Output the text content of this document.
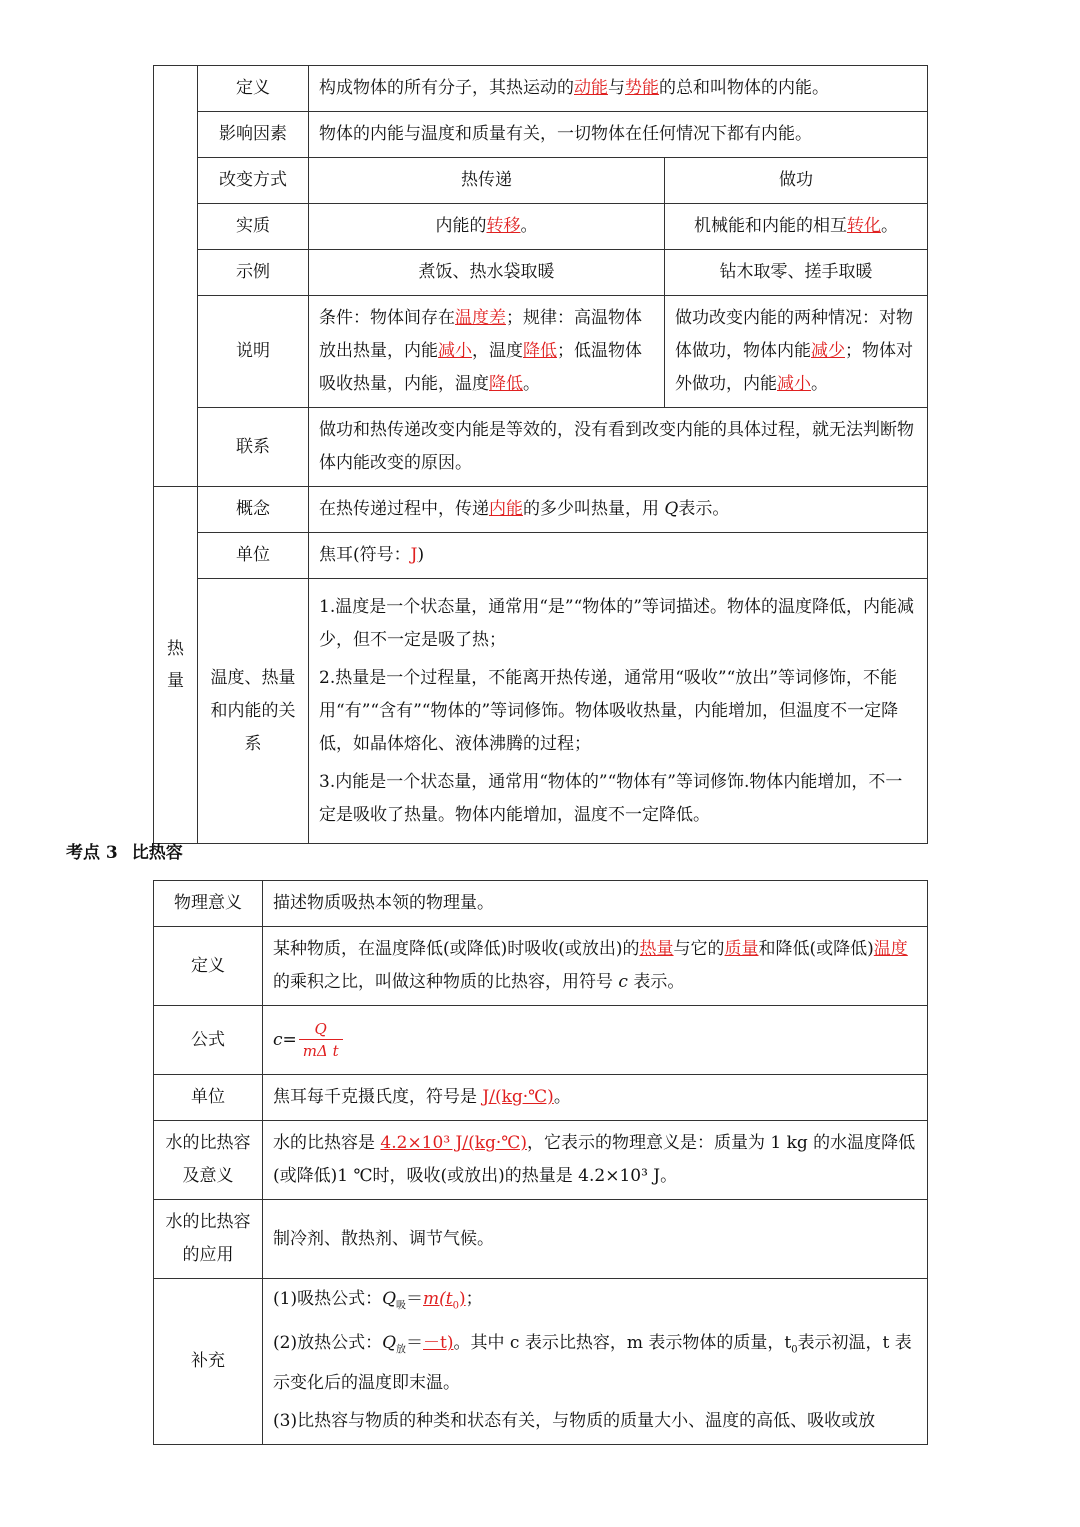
	定义	构成物体的所有分子，其热运动的动能与势能的总和叫物体的内能。	
	影响因素	物体的内能与温度和质量有关，一切物体在任何情况下都有内能。	
	改变方式	热传递	做功
	实质	内能的转移。	机械能和内能的相互转化。
	示例	煮饭、热水袋取暖	钻木取零、搓手取暖
	说明	条件：物体间存在温度差；规律：高温物体放出热量，内能减小，温度降低；低温物体吸收热量，内能，温度降低。	做功改变内能的两种情况：对物体做功，物体内能减少；物体对外做功，内能减小。
	联系	做功和热传递改变内能是等效的，没有看到改变内能的具体过程，就无法判断物体内能改变的原因。	
热量	概念	在热传递过程中，传递内能的多少叫热量，用 Q表示。	
	单位	焦耳(符号：J)	
	温度、热量和内能的关系	1.温度是一个状态量，通常用“是”“物体的”等词描述。物体的温度降低，内能减少，但不一定是吸了热；

2.热量是一个过程量，不能离开热传递，通常用“吸收”“放出”等词修饰，不能用“有”“含有”“物体的”等词修饰。物体吸收热量，内能增加，但温度不一定降低，如晶体熔化、液体沸腾的过程；

3.内能是一个状态量，通常用“物体的”“物体有”等词修饰.物体内能增加，不一定是吸收了热量。物体内能增加，温度不一定降低。	

考点 3 比热容
物理意义	描述物质吸热本领的物理量。
定义	某种物质，在温度降低(或降低)时吸收(或放出)的热量与它的质量和降低(或降低)温度的乘积之比，叫做这种物质的比热容，用符号 c 表示。
公式	$c= \frac{Q}{\text{mΔ t}}$

单位	焦耳每千克摄氏度，符号是 J/(kg·℃)。
水的比热容及意义	水的比热容是 4.2×10³ J/(kg·℃)，它表示的物理意义是：质量为 1 kg 的水温度降低(或降低)1 ℃时，吸收(或放出)的热量是 4.2×10³ J。
水的比热容的应用	制冷剂、散热剂、调节气候。
补充	(1)吸热公式：$Q_吸=m(t_0)$；

(2)放热公式：$Q_放=-t$)。其中 c 表示比热容，m 表示物体的质量，$t_0$表示初温，t 表示变化后的温度即末温。

(3)比热容与物质的种类和状态有关，与物质的质量大小、温度的高低、吸收或放
